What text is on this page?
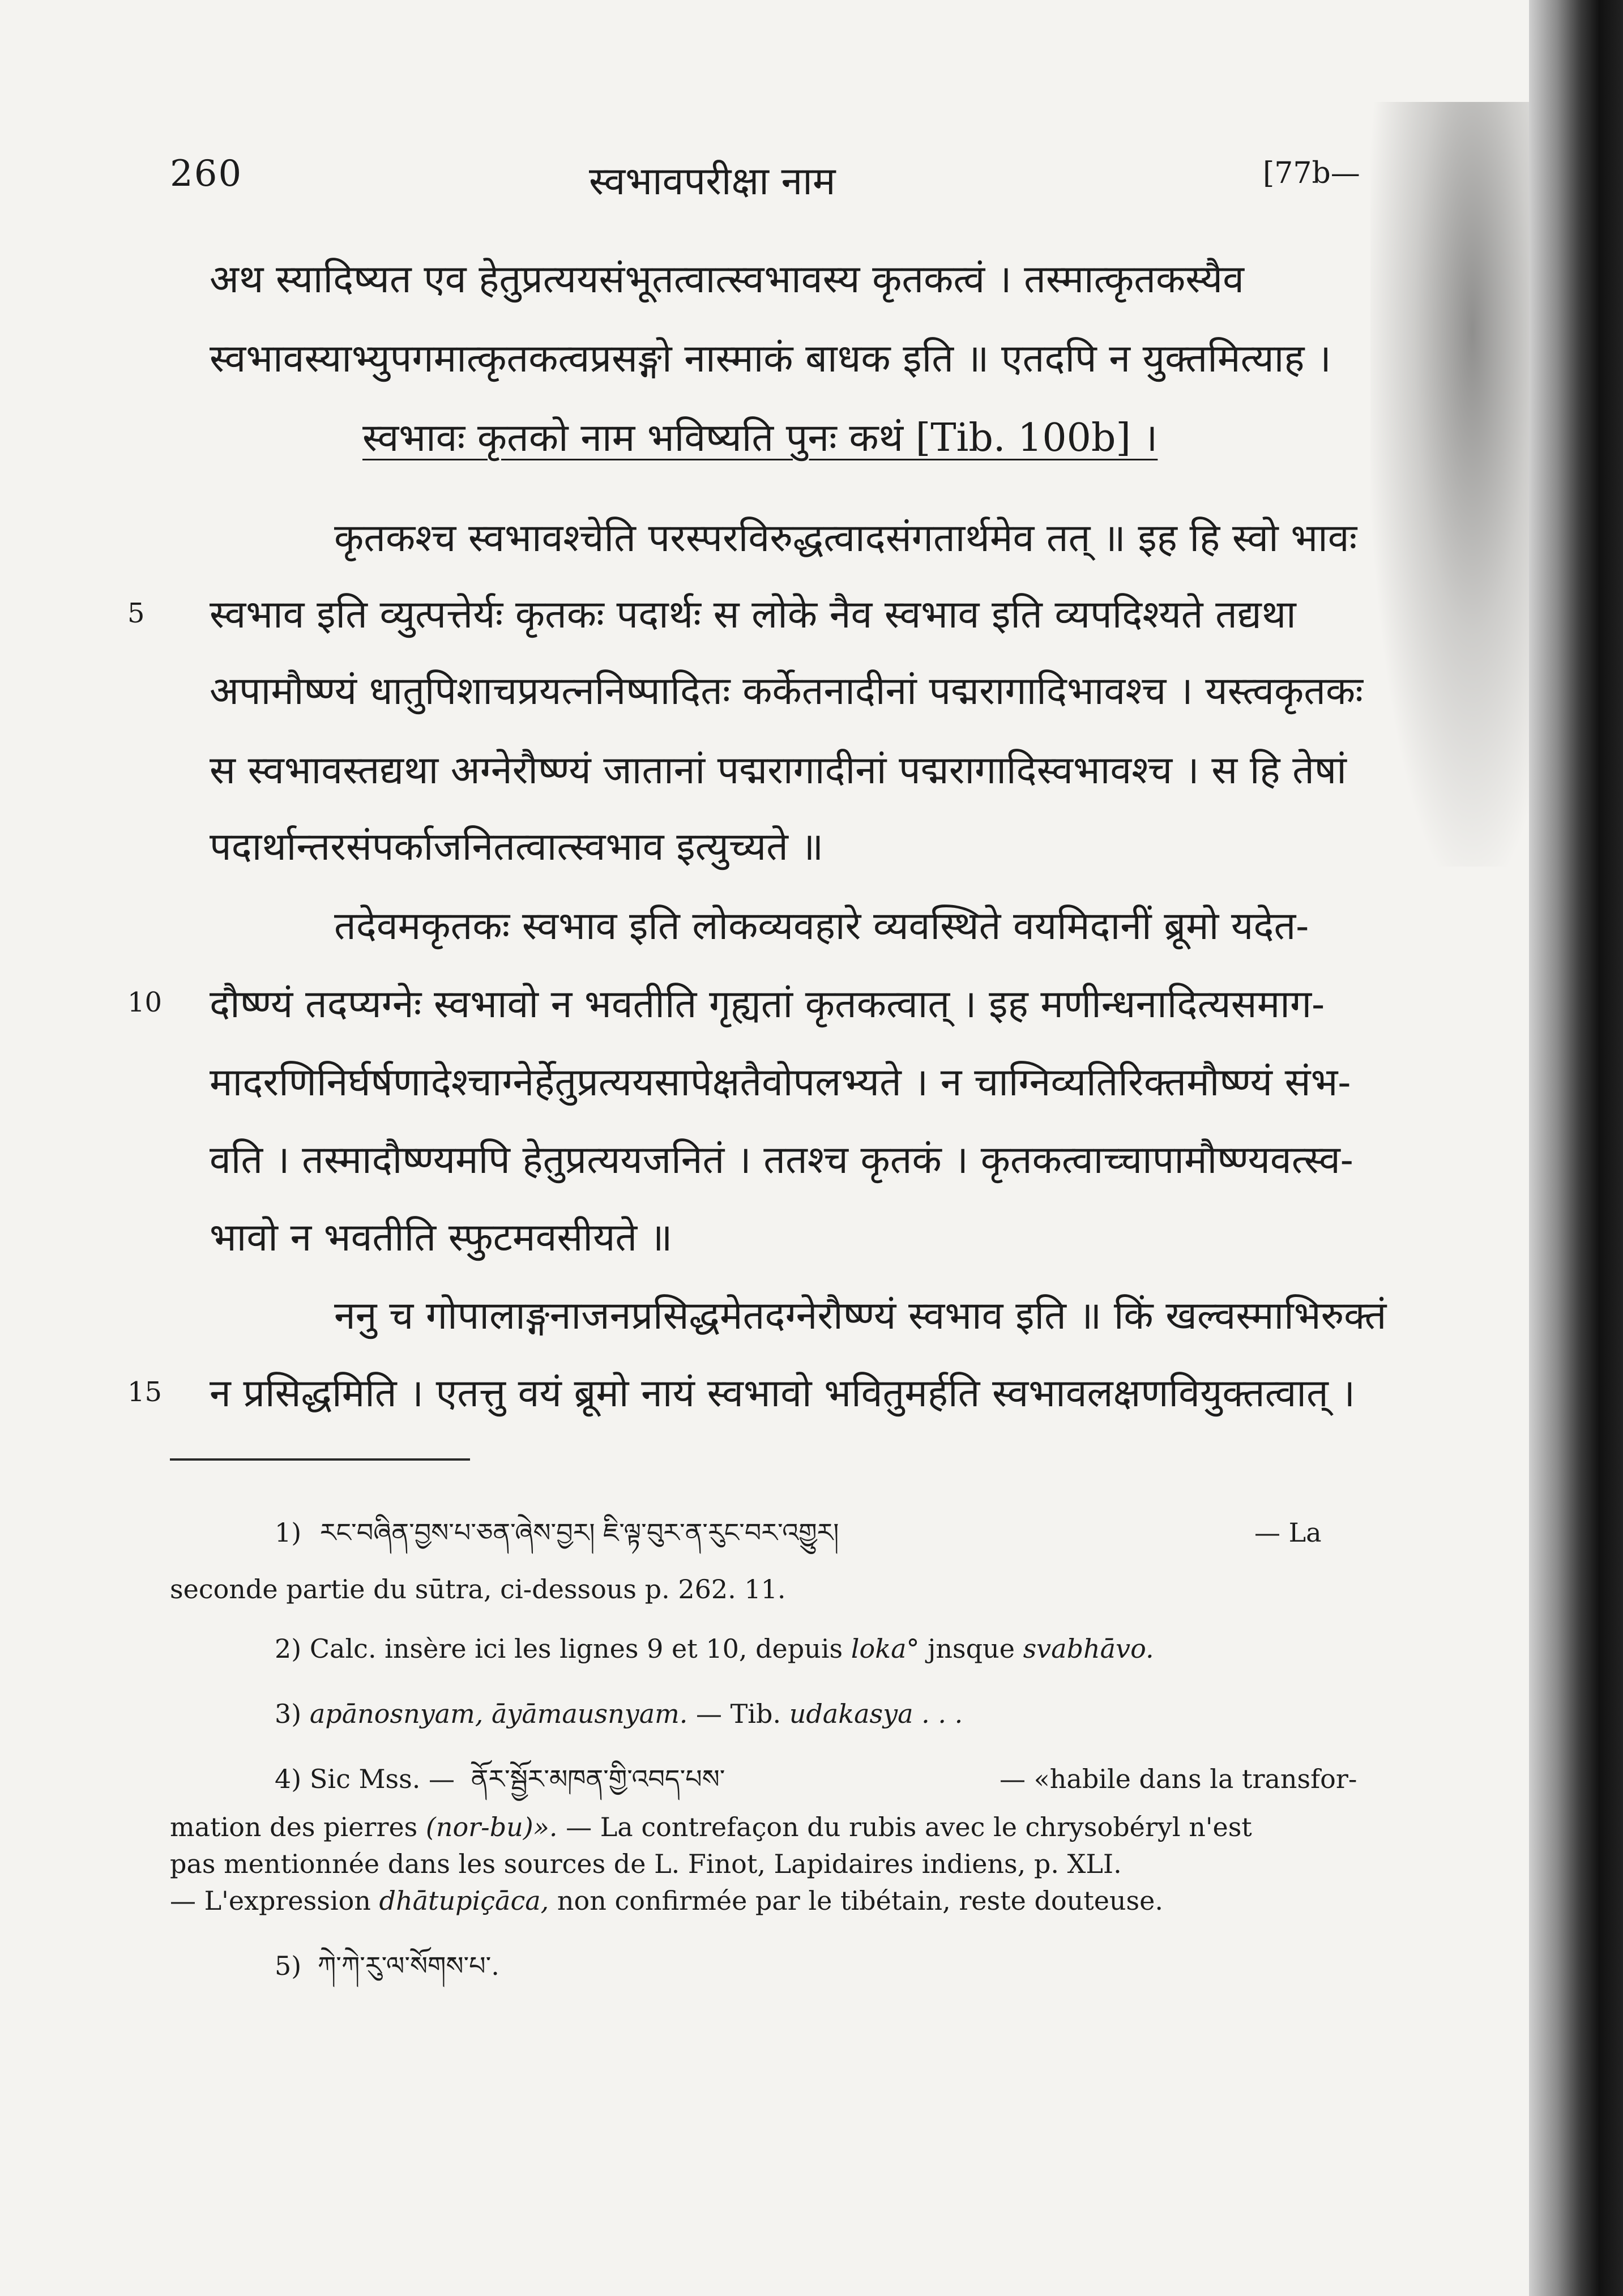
260	स्वभावपरीक्षा नाम	[77b—
अथ स्यादिष्यत एव हेतुप्रत्ययसंभूतत्वात्स्वभावस्य कृतकत्वं । तस्मात्कृतकस्यैव
स्वभावस्याभ्युपगमात्कृतकत्वप्रसङ्गो नास्माकं बाधक इति ॥ एतदपि न युक्तमित्याह ।
स्वभावः कृतको नाम भविष्यति पुनः कथं [Tib. 100b] ।
कृतकश्च स्वभावश्चेति परस्परविरुद्धत्वादसंगतार्थमेव तत् ॥ इह हि स्वो भावः
5 स्वभाव इति व्युत्पत्तेर्यः कृतकः पदार्थः स लोके नैव स्वभाव इति व्यपदिश्यते तद्यथा
अपामौष्ण्यं धातुपिशाचप्रयत्ननिष्पादितः कर्केतनादीनां पद्मरागादिभावश्च । यस्त्वकृतकः
स स्वभावस्तद्यथा अग्नेरौष्ण्यं जातानां पद्मरागादीनां पद्मरागादिस्वभावश्च । स हि तेषां
पदार्थान्तरसंपर्काजनितत्वात्स्वभाव इत्युच्यते ॥
तदेवमकृतकः स्वभाव इति लोकव्यवहारे व्यवस्थिते वयमिदानीं ब्रूमो यदेत-
10 दौष्ण्यं तदप्यग्नेः स्वभावो न भवतीति गृह्यतां कृतकत्वात् । इह मणीन्धनादित्यसमाग-
मादरणिनिर्घर्षणादेश्चाग्नेर्हेतुप्रत्ययसापेक्षतैवोपलभ्यते । न चाग्निव्यतिरिक्तमौष्ण्यं संभ-
वति । तस्मादौष्ण्यमपि हेतुप्रत्ययजनितं । ततश्च कृतकं । कृतकत्वाच्चापामौष्ण्यवत्स्व-
भावो न भवतीति स्फुटमवसीयते ॥
ननु च गोपालाङ्गनाजनप्रसिद्धमेतदग्नेरौष्ण्यं स्वभाव इति ॥ किं खल्वस्माभिरुक्तं
15 न प्रसिद्धमिति । एतत्तु वयं ब्रूमो नायं स्वभावो भवितुमर्हति स्वभावलक्षणवियुक्तत्वात् ।
1) རང་བཞིན་བྱས་པ་ཅན་ཞེས་བྱར། ཇི་ལྟ་བུར་ན་རུང་བར་འགྱུར།	— La
seconde partie du sūtra, ci-dessous p. 262. 11.
2) Calc. insère ici les lignes 9 et 10, depuis loka° jnsque svabhāvo.
3) apānosnyam, āyāmausnyam. — Tib. udakasya . . .
4) Sic Mss. — ནོར་སྦྱོར་མཁན་གྱི་འབད་པས་	— «habile dans la transfor-
mation des pierres (nor-bu)». — La contrefaçon du rubis avec le chrysobéryl n'est
pas mentionnée dans les sources de L. Finot, Lapidaires indiens, p. XLI.
— L'expression dhātupiçāca, non confirmée par le tibétain, reste douteuse.
5) ཀེ་ཀེ་རུ་ལ་སོགས་པ་.
